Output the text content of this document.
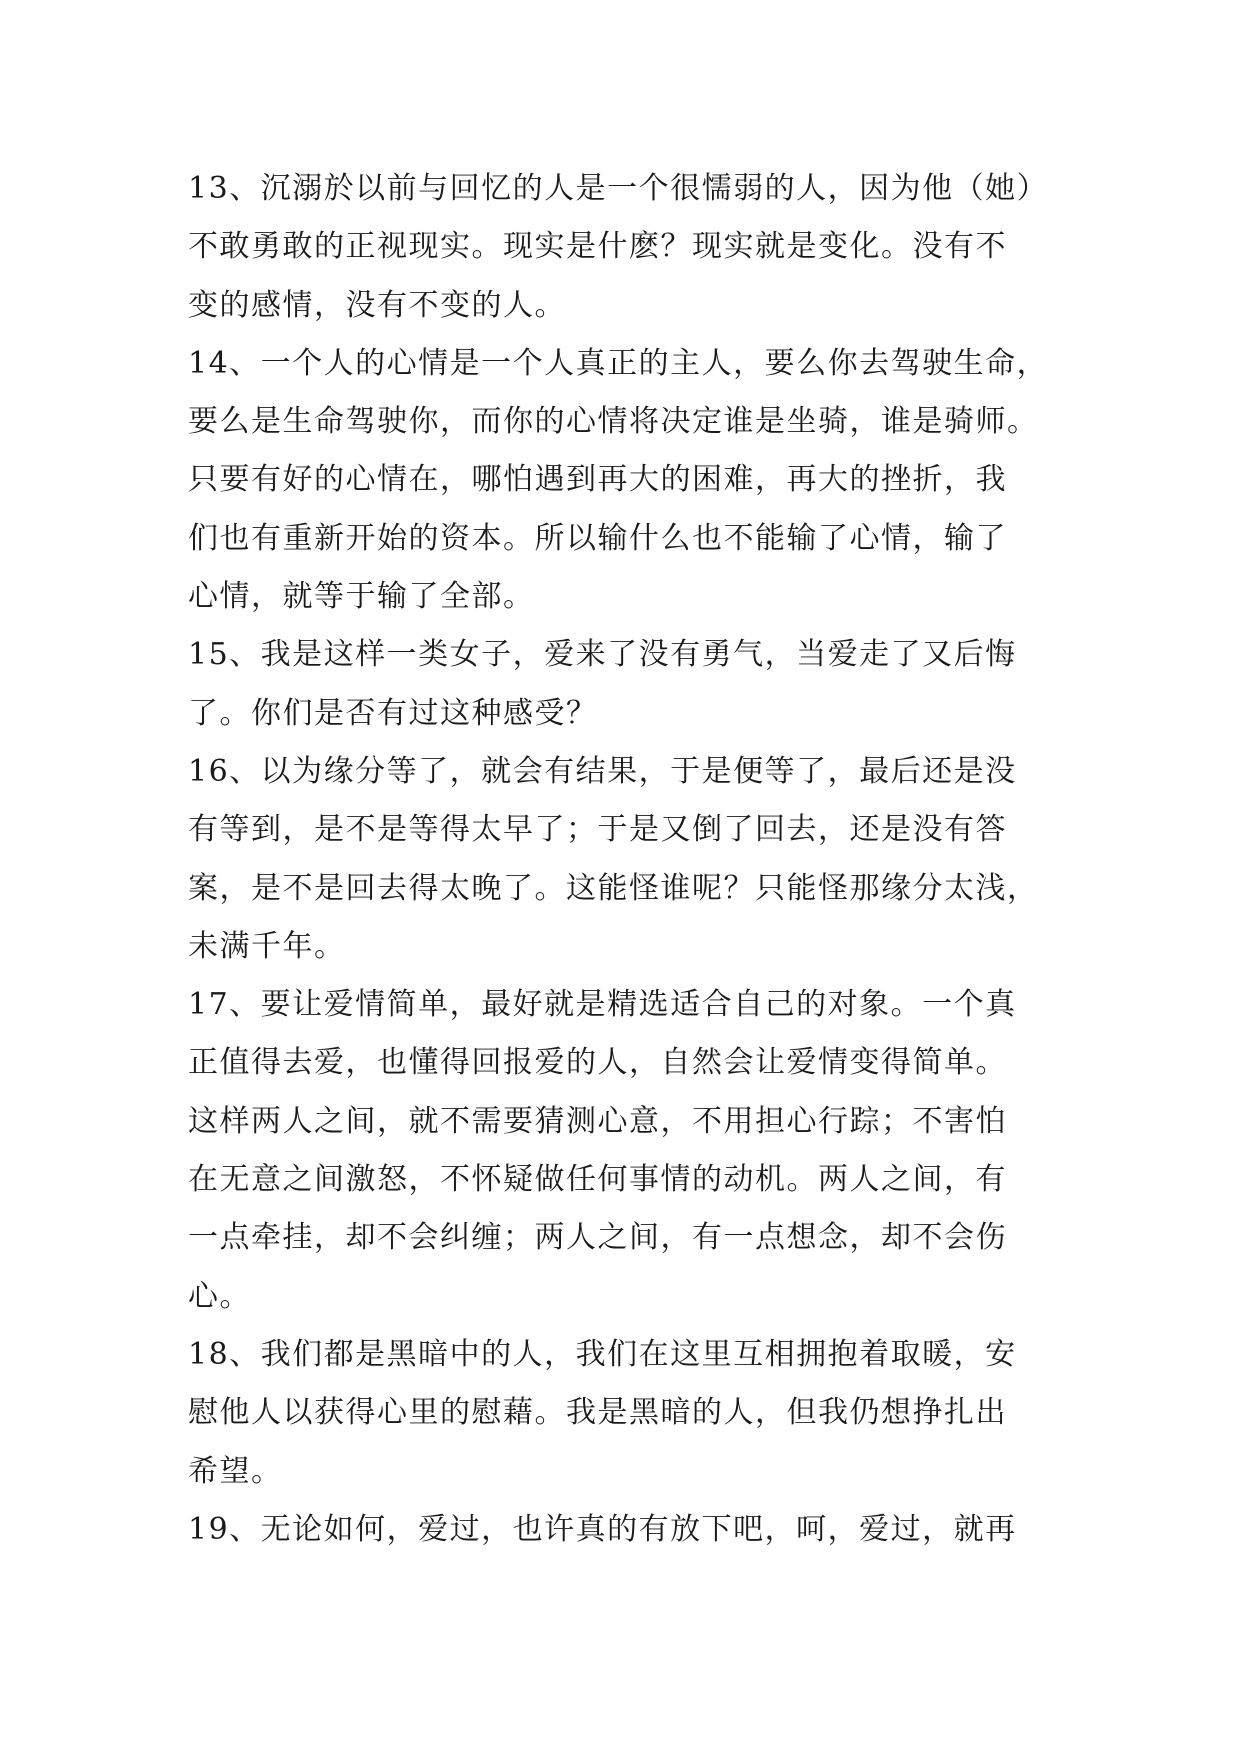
13、沉溺於以前与回忆的人是一个很懦弱的人，因为他（她）
不敢勇敢的正视现实。现实是什麽？现实就是变化。没有不
变的感情，没有不变的人。
14、一个人的心情是一个人真正的主人，要么你去驾驶生命，
要么是生命驾驶你，而你的心情将决定谁是坐骑，谁是骑师。
只要有好的心情在，哪怕遇到再大的困难，再大的挫折，我
们也有重新开始的资本。所以输什么也不能输了心情，输了
心情，就等于输了全部。
15、我是这样一类女子，爱来了没有勇气，当爱走了又后悔
了。你们是否有过这种感受？
16、以为缘分等了，就会有结果，于是便等了，最后还是没
有等到，是不是等得太早了；于是又倒了回去，还是没有答
案，是不是回去得太晚了。这能怪谁呢？只能怪那缘分太浅，
未满千年。
17、要让爱情简单，最好就是精选适合自己的对象。一个真
正值得去爱，也懂得回报爱的人，自然会让爱情变得简单。
这样两人之间，就不需要猜测心意，不用担心行踪；不害怕
在无意之间激怒，不怀疑做任何事情的动机。两人之间，有
一点牵挂，却不会纠缠；两人之间，有一点想念，却不会伤
心。
18、我们都是黑暗中的人，我们在这里互相拥抱着取暖，安
慰他人以获得心里的慰藉。我是黑暗的人，但我仍想挣扎出
希望。
19、无论如何，爱过，也许真的有放下吧，呵，爱过，就再
